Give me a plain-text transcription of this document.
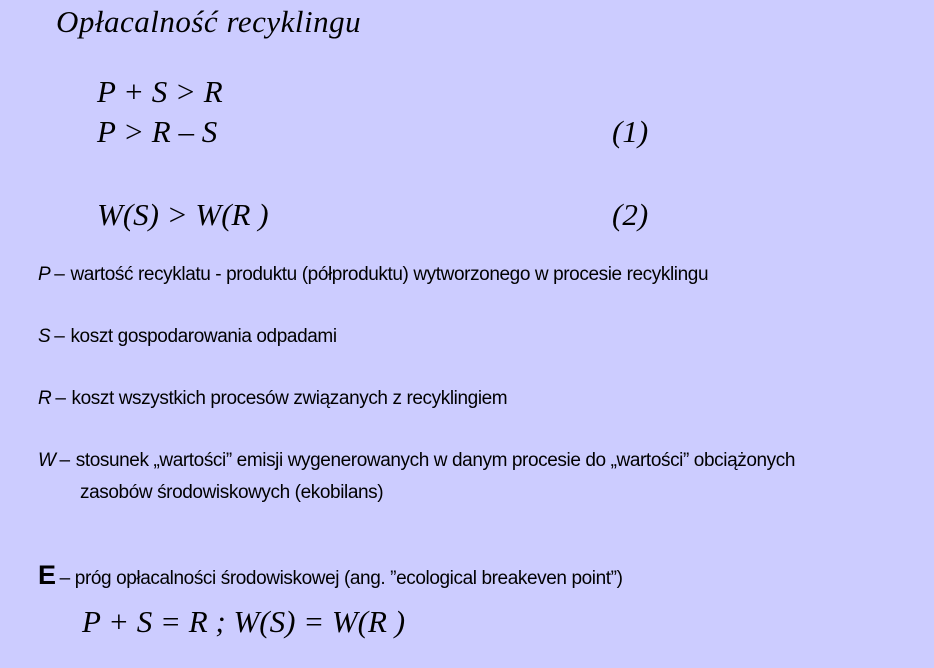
Opłacalność recyklingu
P + S > R
P > R – S	(1)
W(S) > W(R )	(2)
P – wartość recyklatu - produktu (półproduktu) wytworzonego w procesie recyklingu
S – koszt gospodarowania odpadami
R – koszt wszystkich procesów związanych z recyklingiem
W – stosunek „wartości” emisji wygenerowanych w danym procesie do „wartości” obciążonych
zasobów środowiskowych (ekobilans)
E – próg opłacalności środowiskowej (ang. ”ecological breakeven point”)
P + S = R ; W(S) = W(R )
